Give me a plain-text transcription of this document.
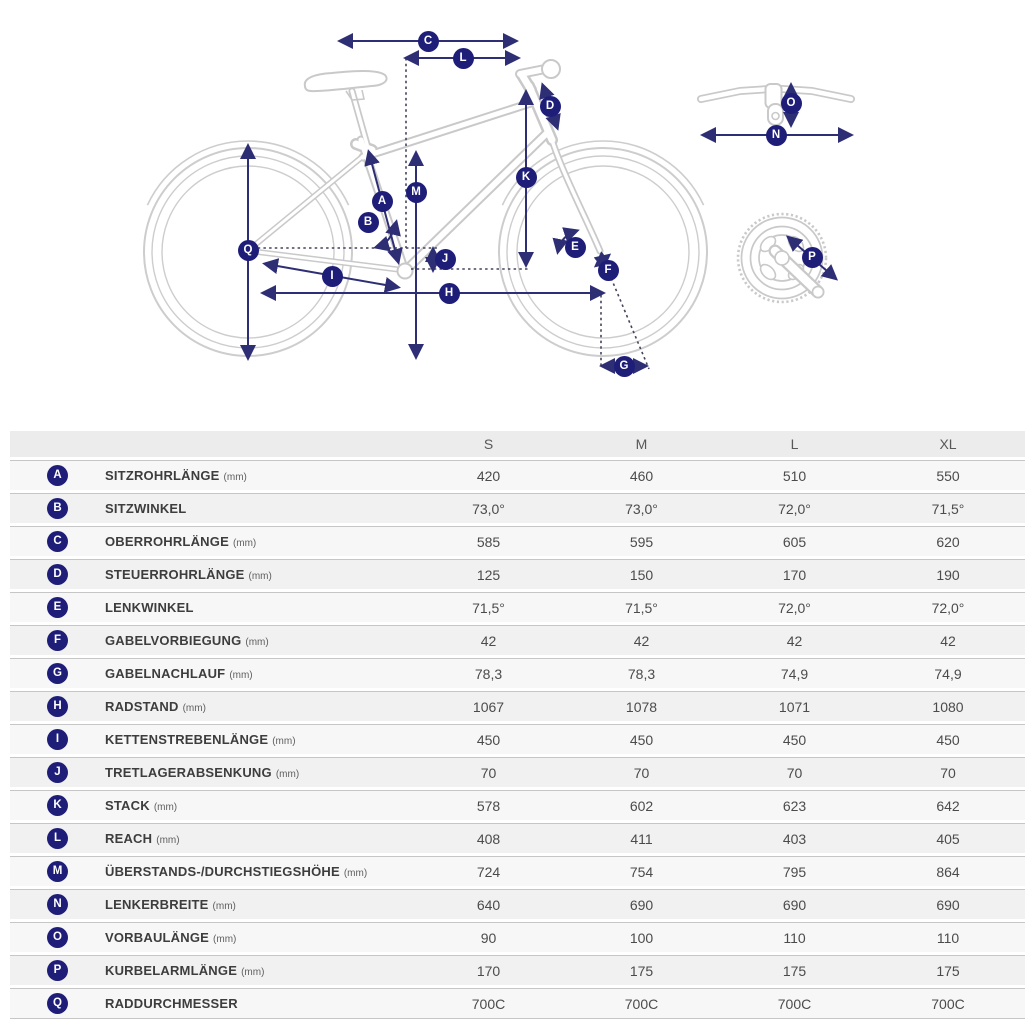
A
B
C
D
E
F
G
H
I
J
K
L
M
N
O
P
Q
		S	M	L	XL
A	SITZROHRLÄNGE (mm)	420	460	510	550
B	SITZWINKEL	73,0°	73,0°	72,0°	71,5°
C	OBERROHRLÄNGE (mm)	585	595	605	620
D	STEUERROHRLÄNGE (mm)	125	150	170	190
E	LENKWINKEL	71,5°	71,5°	72,0°	72,0°
F	GABELVORBIEGUNG (mm)	42	42	42	42
G	GABELNACHLAUF (mm)	78,3	78,3	74,9	74,9
H	RADSTAND (mm)	1067	1078	1071	1080
I	KETTENSTREBENLÄNGE (mm)	450	450	450	450
J	TRETLAGERABSENKUNG (mm)	70	70	70	70
K	STACK (mm)	578	602	623	642
L	REACH (mm)	408	411	403	405
M	ÜBERSTANDS-/DURCHSTIEGSHÖHE (mm)	724	754	795	864
N	LENKERBREITE (mm)	640	690	690	690
O	VORBAULÄNGE (mm)	90	100	110	110
P	KURBELARMLÄNGE (mm)	170	175	175	175
Q	RADDURCHMESSER	700C	700C	700C	700C
